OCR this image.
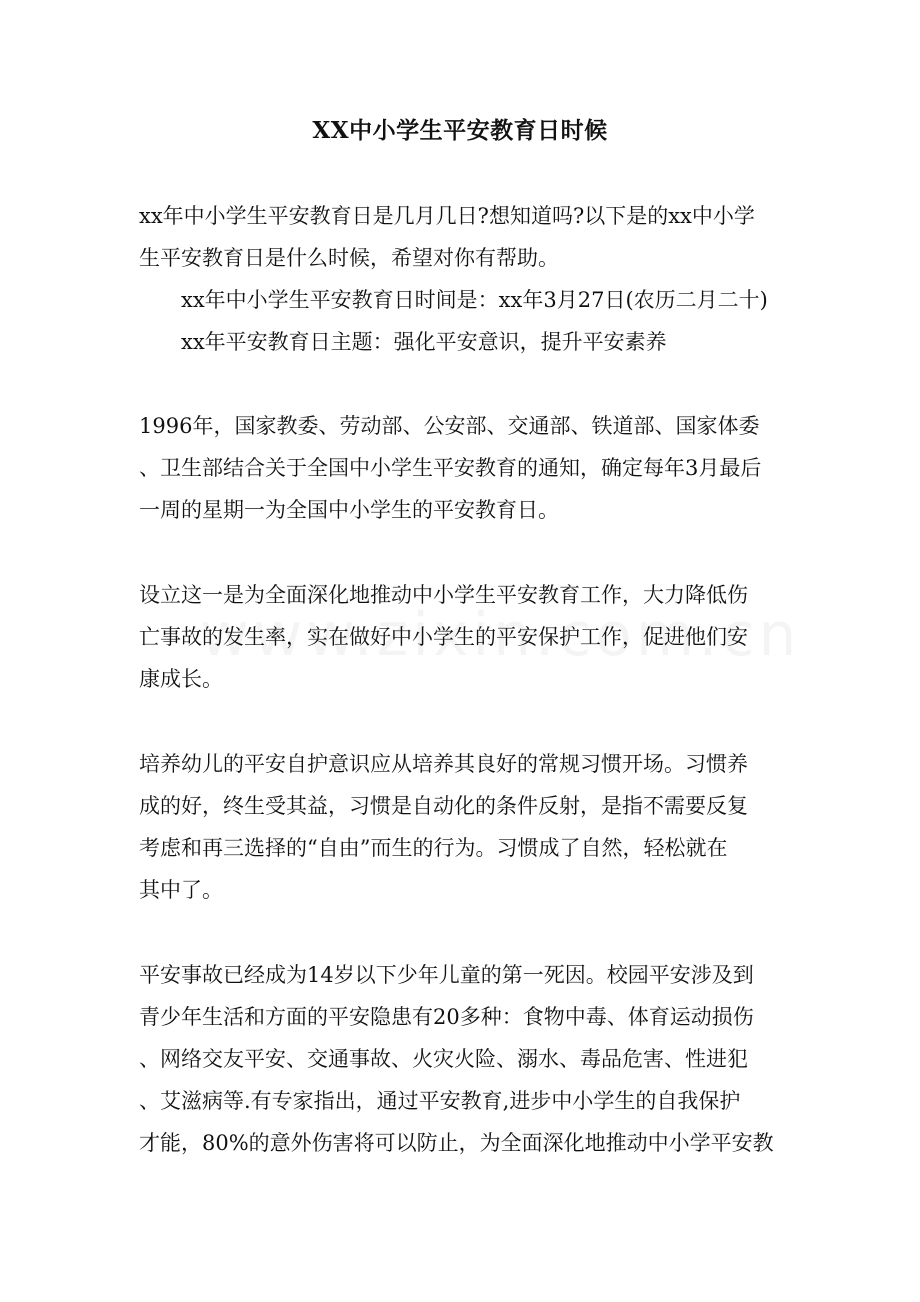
XX中小学生平安教育日时候

xx年中小学生平安教育日是几月几日?想知道吗?以下是的xx中小学
生平安教育日是什么时候，希望对你有帮助。

xx年中小学生平安教育日时间是：xx年3月27日(农历二月二十)
xx年平安教育日主题：强化平安意识，提升平安素养

1996年，国家教委、劳动部、公安部、交通部、铁道部、国家体委
、卫生部结合关于全国中小学生平安教育的通知，确定每年3月最后
一周的星期一为全国中小学生的平安教育日。

设立这一是为全面深化地推动中小学生平安教育工作，大力降低伤
亡事故的发生率，实在做好中小学生的平安保护工作，促进他们安
康成长。

培养幼儿的平安自护意识应从培养其良好的常规习惯开场。习惯养
成的好，终生受其益，习惯是自动化的条件反射，是指不需要反复
考虑和再三选择的“自由”而生的行为。习惯成了自然，轻松就在
其中了。

平安事故已经成为14岁以下少年儿童的第一死因。校园平安涉及到
青少年生活和方面的平安隐患有20多种：食物中毒、体育运动损伤
、网络交友平安、交通事故、火灾火险、溺水、毒品危害、性进犯
、艾滋病等.有专家指出，通过平安教育,进步中小学生的自我保护
才能，80%的意外伤害将可以防止，为全面深化地推动中小学平安教
